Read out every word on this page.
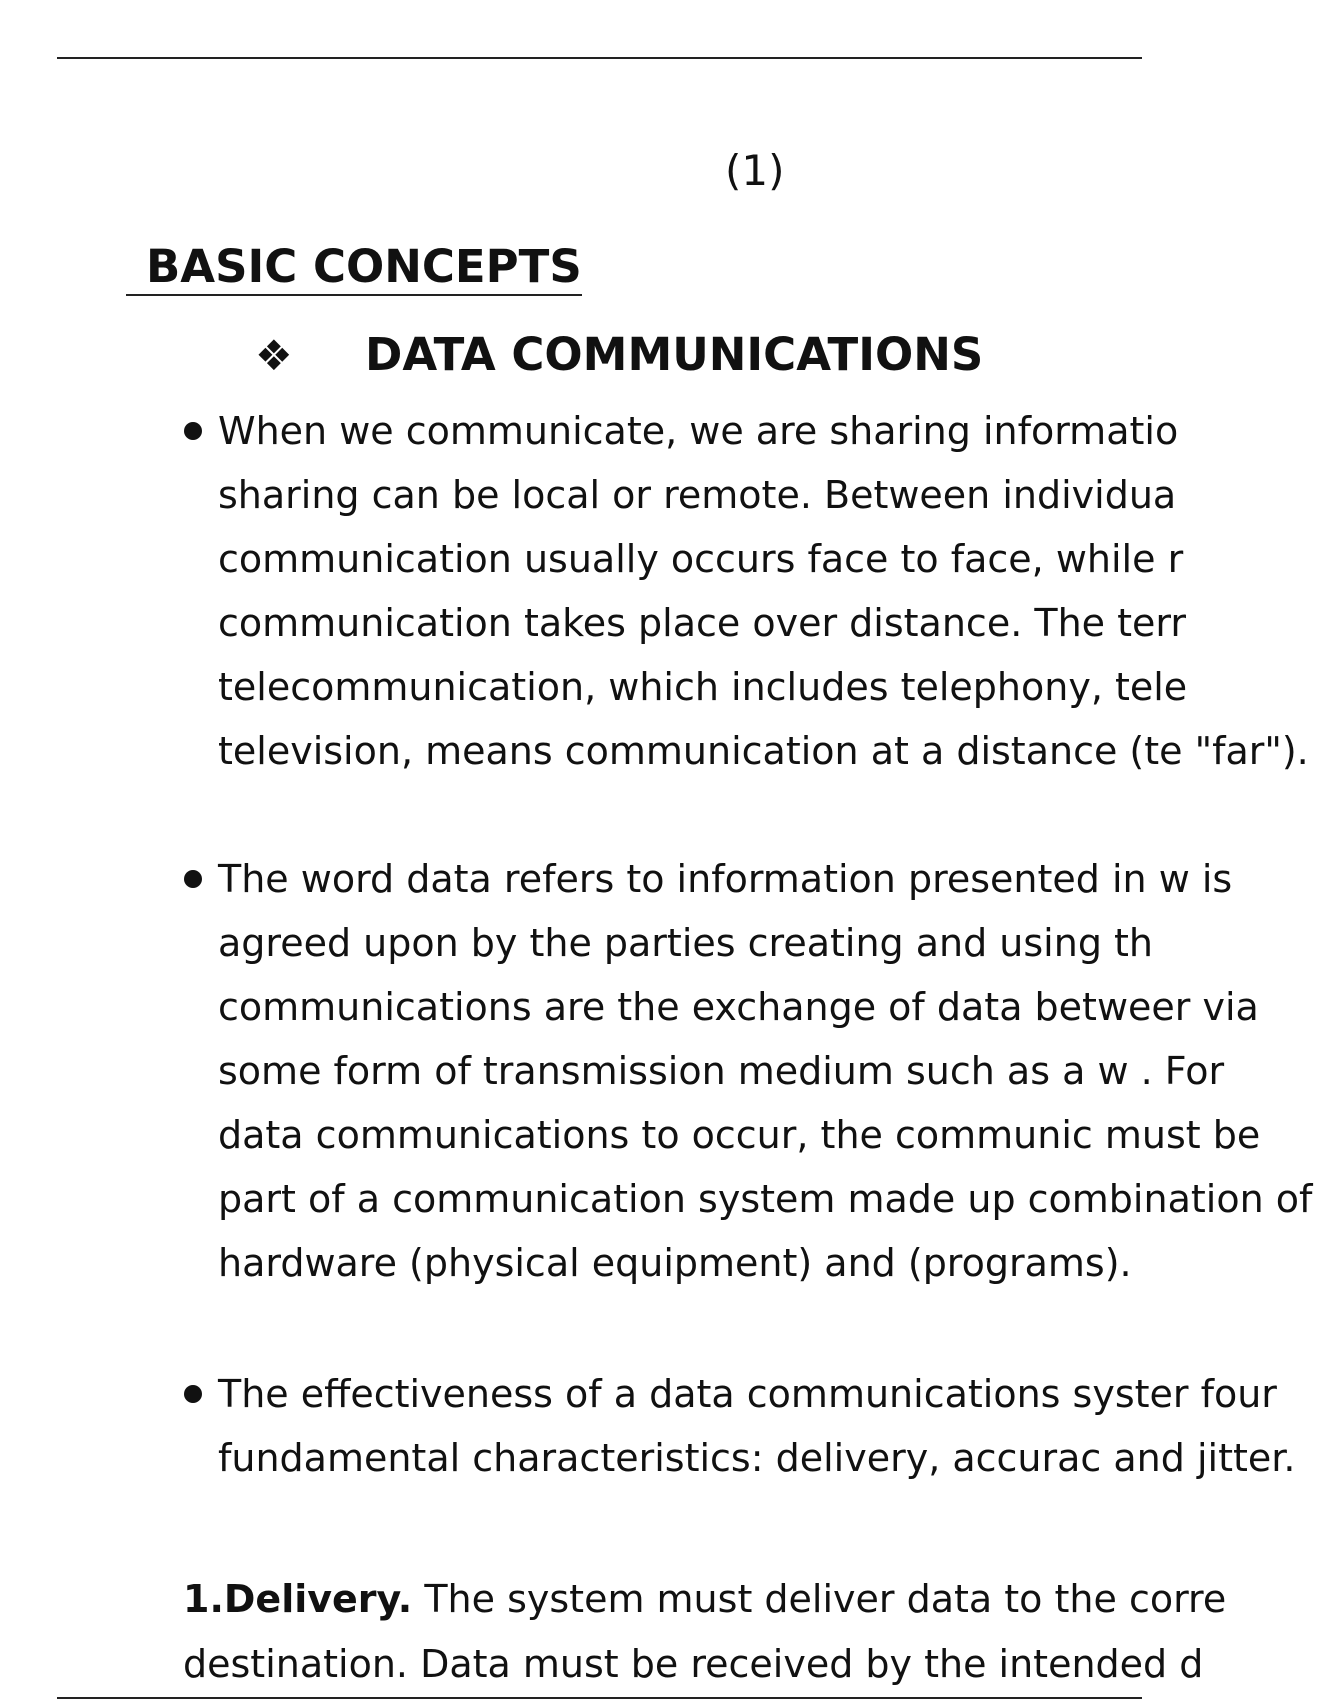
(1)
BASIC CONCEPTS
❖ DATA COMMUNICATIONS
When we communicate, we are sharing informatio sharing can be local or remote. Between individua communication usually occurs face to face, while r communication takes place over distance. The terr telecommunication, which includes telephony, tele television, means communication at a distance (te "far").
The word data refers to information presented in w is agreed upon by the parties creating and using th communications are the exchange of data betweer via some form of transmission medium such as a w . For data communications to occur, the communic must be part of a communication system made up combination of hardware (physical equipment) and (programs).
The effectiveness of a data communications syster four fundamental characteristics: delivery, accurac and jitter.
1.Delivery. The system must deliver data to the corre destination. Data must be received by the intended d
